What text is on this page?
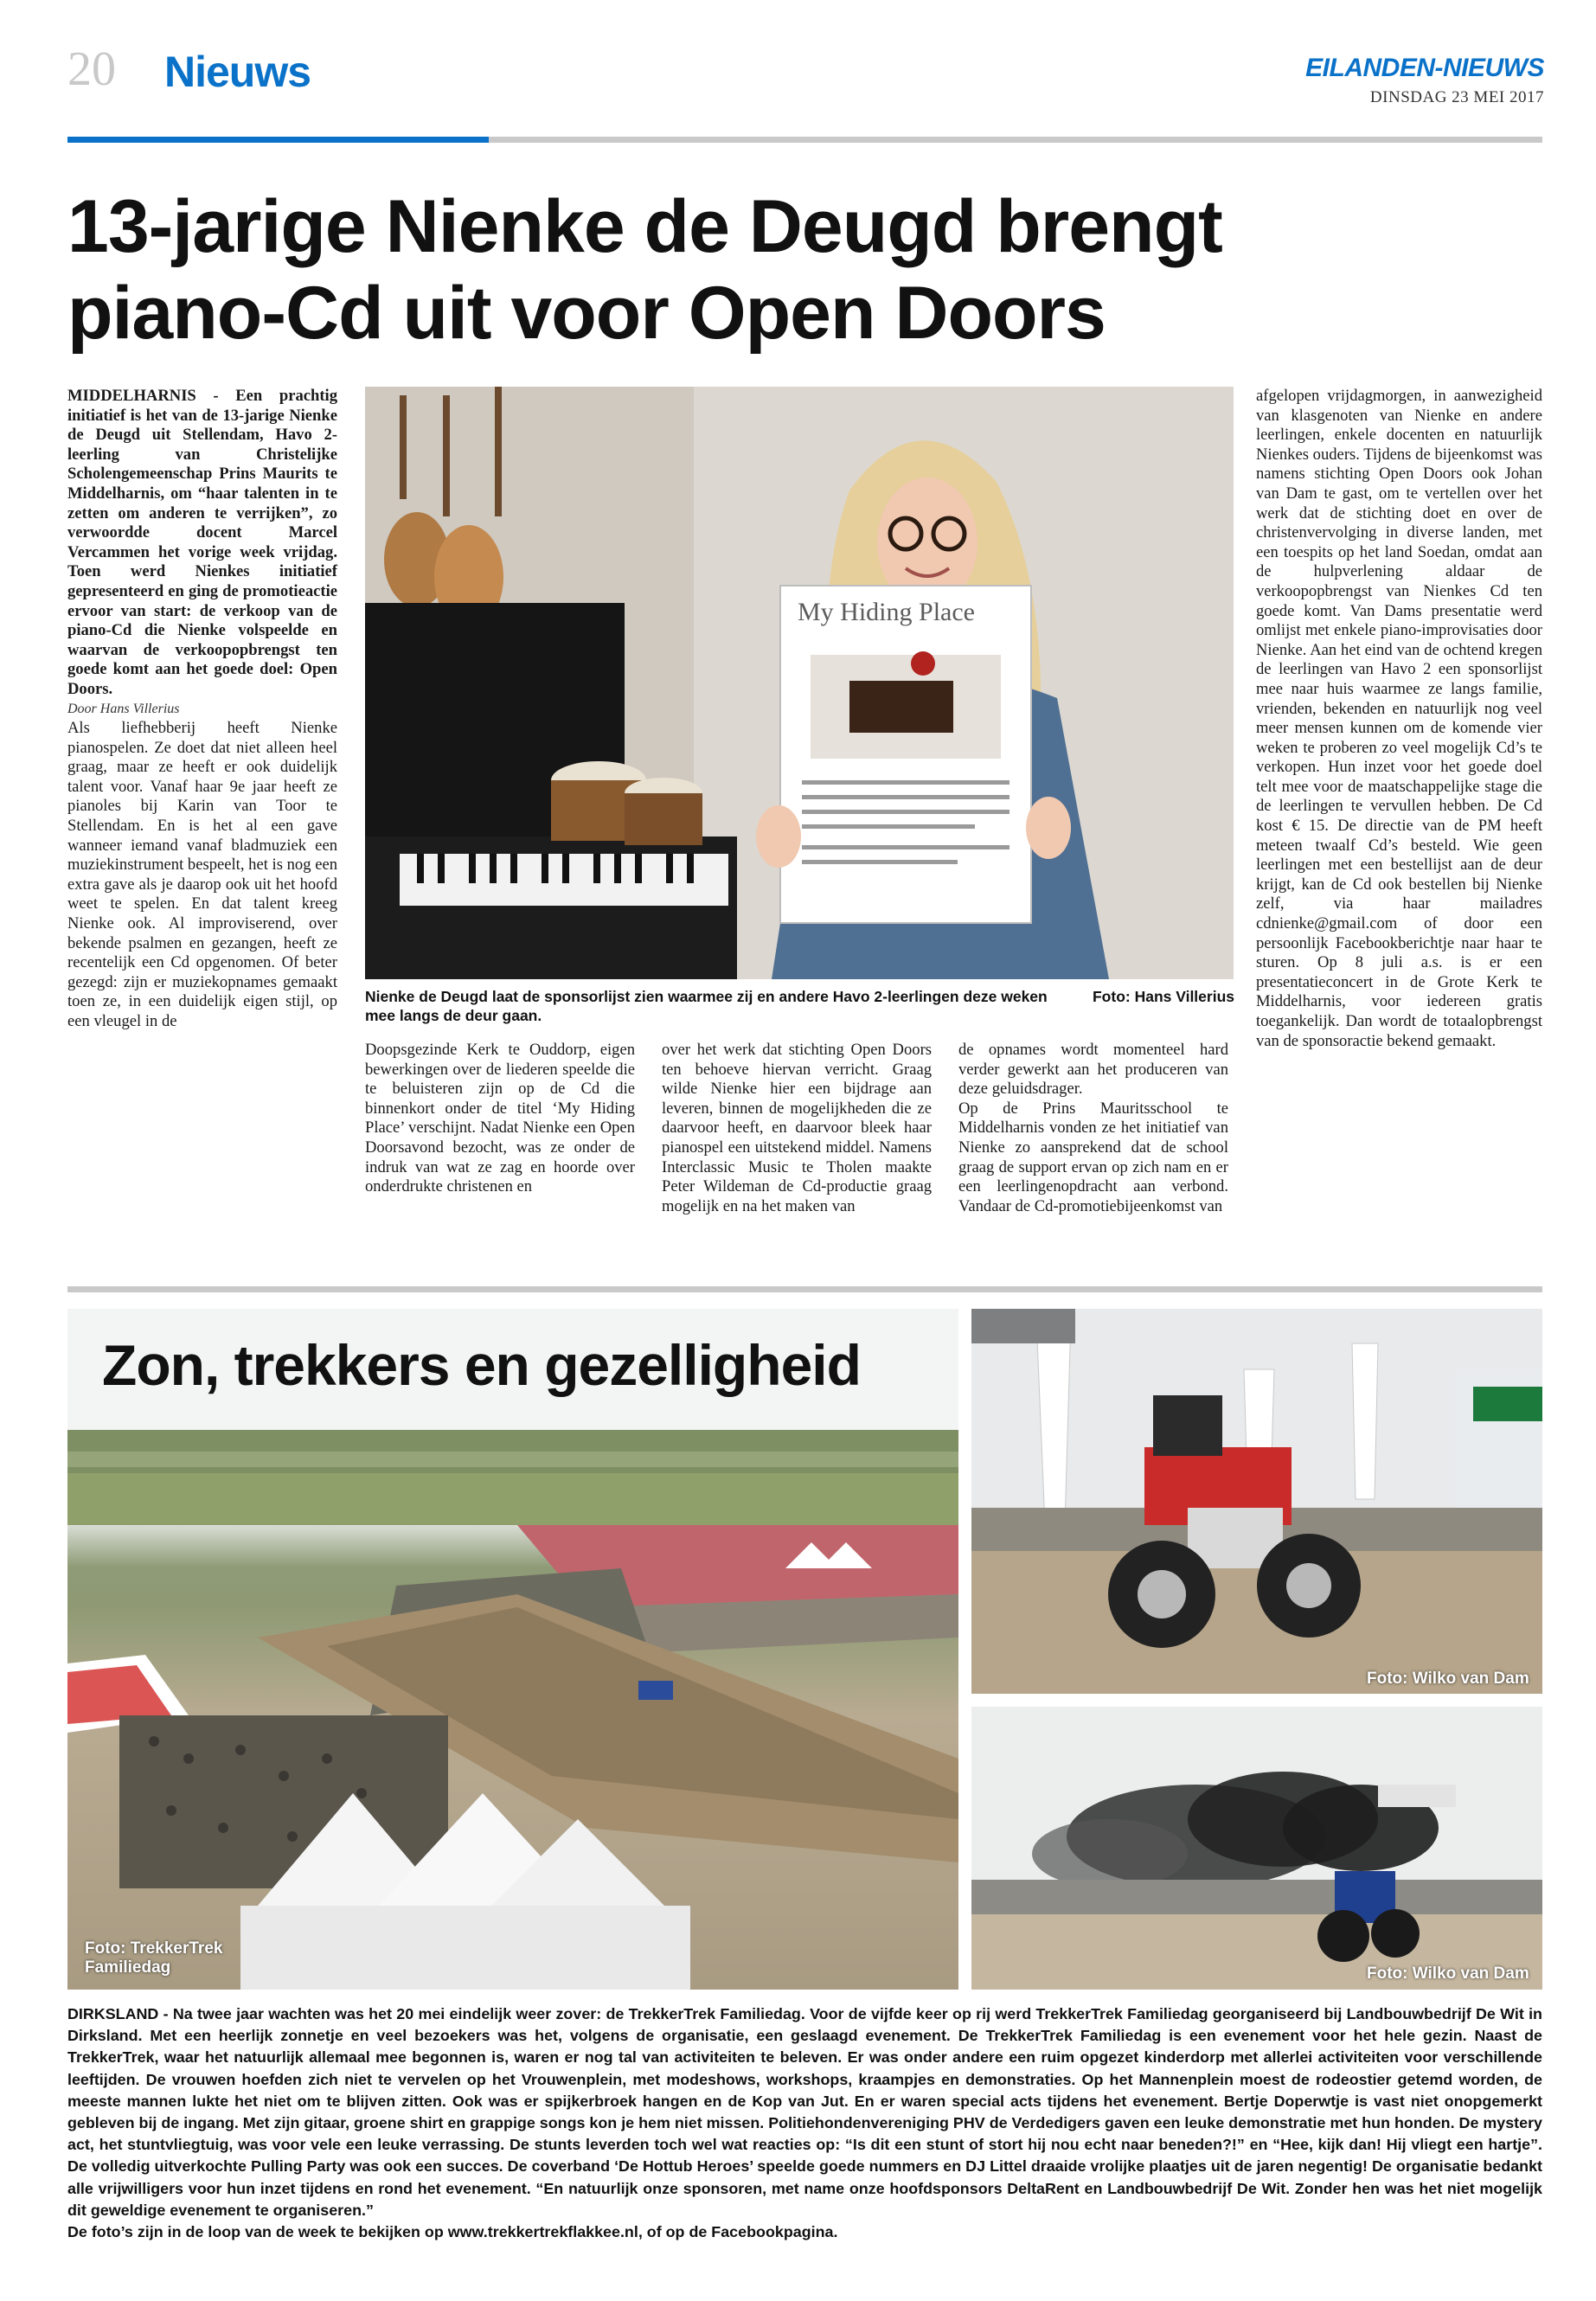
20 Nieuws	EILANDEN-NIEUWS
DINSDAG 23 MEI 2017
13-jarige Nienke de Deugd brengt
piano-Cd uit voor Open Doors

MIDDELHARNIS - Een prachtig initiatief is het van de 13-jarige Nienke de Deugd uit Stellendam, Havo 2-leerling van Christelijke Scholengemeenschap Prins Maurits te Middelharnis, om “haar talenten in te zetten om anderen te verrijken”, zo verwoordde docent Marcel Vercammen het vorige week vrijdag. Toen werd Nienkes initiatief gepresenteerd en ging de promotieactie ervoor van start: de verkoop van de piano-Cd die Nienke volspeelde en waarvan de verkoopopbrengst ten goede komt aan het goede doel: Open Doors.

Door Hans Villerius

Als liefhebberij heeft Nienke pianospelen. Ze doet dat niet alleen heel graag, maar ze heeft er ook duidelijk talent voor. Vanaf haar 9e jaar heeft ze pianoles bij Karin van Toor te Stellendam. En is het al een gave wanneer iemand vanaf bladmuziek een muziekinstrument bespeelt, het is nog een extra gave als je daarop ook uit het hoofd weet te spelen. En dat talent kreeg Nienke ook. Al improviserend, over bekende psalmen en gezangen, heeft ze recentelijk een Cd opgenomen. Of beter gezegd: zijn er muziekopnames gemaakt toen ze, in een duidelijk eigen stijl, op een vleugel in de

My Hiding Place
Nienke de Deugd laat de sponsorlijst zien waarmee zij en andere Havo 2-leerlingen deze weken mee langs de deur gaan.
Foto: Hans Villerius

Doopsgezinde Kerk te Ouddorp, eigen bewerkingen over de liederen speelde die te beluisteren zijn op de Cd die binnenkort onder de titel ‘My Hiding Place’ verschijnt. Nadat Nienke een Open Doorsavond bezocht, was ze onder de indruk van wat ze zag en hoorde over onderdrukte christenen en

over het werk dat stichting Open Doors ten behoeve hiervan verricht. Graag wilde Nienke hier een bijdrage aan leveren, binnen de mogelijkheden die ze daarvoor heeft, en daarvoor bleek haar pianospel een uitstekend middel. Namens Interclassic Music te Tholen maakte Peter Wildeman de Cd-productie graag mogelijk en na het maken van

de opnames wordt momenteel hard verder gewerkt aan het produceren van deze geluidsdrager.

Op de Prins Mauritsschool te Middelharnis vonden ze het initiatief van Nienke zo aansprekend dat de school graag de support ervan op zich nam en er een leerlingenopdracht aan verbond. Vandaar de Cd-promotiebijeenkomst van

afgelopen vrijdagmorgen, in aanwezigheid van klasgenoten van Nienke en andere leerlingen, enkele docenten en natuurlijk Nienkes ouders. Tijdens de bijeenkomst was namens stichting Open Doors ook Johan van Dam te gast, om te vertellen over het werk dat de stichting doet en over de christenvervolging in diverse landen, met een toespits op het land Soedan, omdat aan de hulpverlening aldaar de verkoopopbrengst van Nienkes Cd ten goede komt. Van Dams presentatie werd omlijst met enkele piano-improvisaties door Nienke. Aan het eind van de ochtend kregen de leerlingen van Havo 2 een sponsorlijst mee naar huis waarmee ze langs familie, vrienden, bekenden en natuurlijk nog veel meer mensen kunnen om de komende vier weken te proberen zo veel mogelijk Cd’s te verkopen. Hun inzet voor het goede doel telt mee voor de maatschappelijke stage die de leerlingen te vervullen hebben. De Cd kost € 15. De directie van de PM heeft meteen twaalf Cd’s besteld. Wie geen leerlingen met een bestellijst aan de deur krijgt, kan de Cd ook bestellen bij Nienke zelf, via haar mailadres cdnienke@gmail.com of door een persoonlijk Facebookberichtje naar haar te sturen. Op 8 juli a.s. is er een presentatieconcert in de Grote Kerk te Middelharnis, voor iedereen gratis toegankelijk. Dan wordt de totaalopbrengst van de sponsoractie bekend gemaakt.

Zon, trekkers en gezelligheid
Foto: TrekkerTrek
Familiedag
Foto: Wilko van Dam
Foto: Wilko van Dam

DIRKSLAND - Na twee jaar wachten was het 20 mei eindelijk weer zover: de TrekkerTrek Familiedag. Voor de vijfde keer op rij werd TrekkerTrek Familiedag georganiseerd bij Landbouwbedrijf De Wit in Dirksland. Met een heerlijk zonnetje en veel bezoekers was het, volgens de organisatie, een geslaagd evenement. De TrekkerTrek Familiedag is een evenement voor het hele gezin. Naast de TrekkerTrek, waar het natuurlijk allemaal mee begonnen is, waren er nog tal van activiteiten te beleven. Er was onder andere een ruim opgezet kinderdorp met allerlei activiteiten voor verschillende leeftijden. De vrouwen hoefden zich niet te vervelen op het Vrouwenplein, met modeshows, workshops, kraampjes en demonstraties. Op het Mannenplein moest de rodeostier getemd worden, de meeste mannen lukte het niet om te blijven zitten. Ook was er spijkerbroek hangen en de Kop van Jut. En er waren special acts tijdens het evenement. Bertje Doperwtje is vast niet onopgemerkt gebleven bij de ingang. Met zijn gitaar, groene shirt en grappige songs kon je hem niet missen. Politiehondenvereniging PHV de Verdedigers gaven een leuke demonstratie met hun honden. De mystery act, het stuntvliegtuig, was voor vele een leuke verrassing. De stunts leverden toch wel wat reacties op: “Is dit een stunt of stort hij nou echt naar beneden?!” en “Hee, kijk dan! Hij vliegt een hartje”. De volledig uitverkochte Pulling Party was ook een succes. De coverband ‘De Hottub Heroes’ speelde goede nummers en DJ Littel draaide vrolijke plaatjes uit de jaren negentig! De organisatie bedankt alle vrijwilligers voor hun inzet tijdens en rond het evenement. “En natuurlijk onze sponsoren, met name onze hoofdsponsors DeltaRent en Landbouwbedrijf De Wit. Zonder hen was het niet mogelijk dit geweldige evenement te organiseren.”

De foto’s zijn in de loop van de week te bekijken op www.trekkertrekflakkee.nl, of op de Facebookpagina.
